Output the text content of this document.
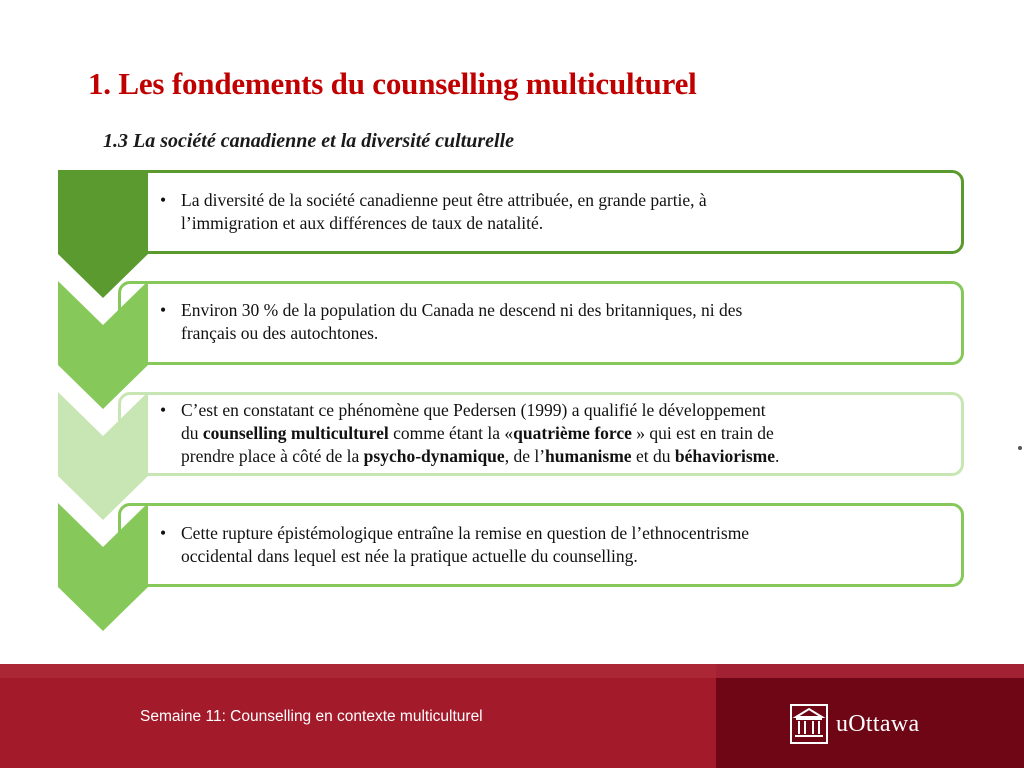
1. Les fondements du counselling multiculturel
1.3 La société canadienne et la diversité culturelle
• La diversité de la société canadienne peut être attribuée, en grande partie, à
l’immigration et aux différences de taux de natalité.
• Environ 30 % de la population du Canada ne descend ni des britanniques, ni des
français ou des autochtones.
• C’est en constatant ce phénomène que Pedersen (1999) a qualifié le développement
du counselling multiculturel comme étant la «quatrième force » qui est en train de
prendre place à côté de la psycho-dynamique, de l’humanisme et du béhaviorisme.
• Cette rupture épistémologique entraîne la remise en question de l’ethnocentrisme
occidental dans lequel est née la pratique actuelle du counselling.
Semaine 11: Counselling en contexte multiculturel	uOttawa
